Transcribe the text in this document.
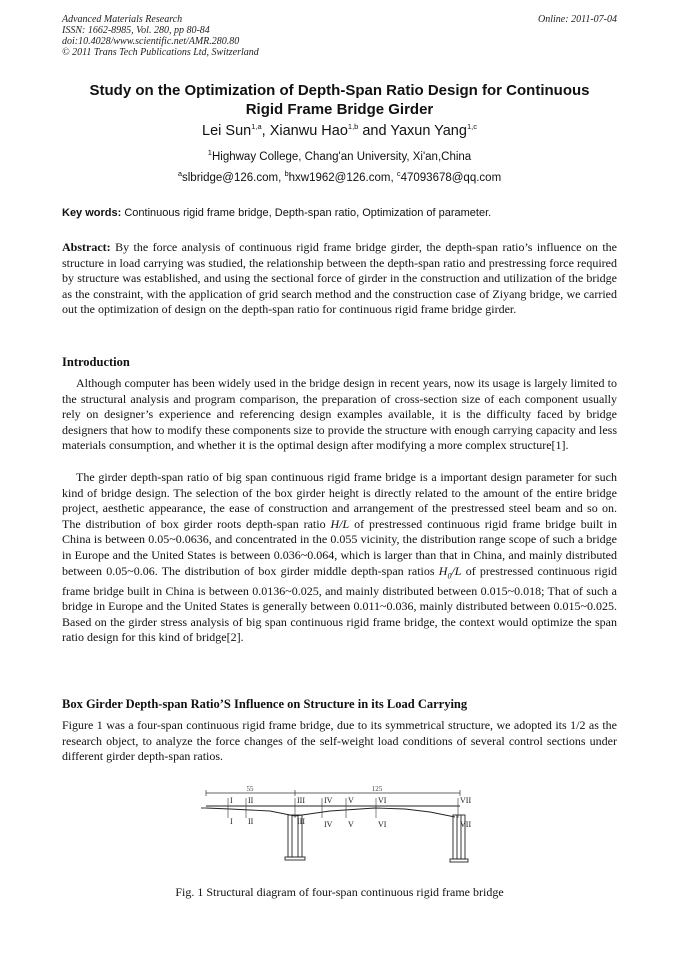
Advanced Materials Research
ISSN: 1662-8985, Vol. 280, pp 80-84
doi:10.4028/www.scientific.net/AMR.280.80
© 2011 Trans Tech Publications Ltd, Switzerland
Online: 2011-07-04
Study on the Optimization of Depth-Span Ratio Design for Continuous
Rigid Frame Bridge Girder
Lei Sun$^{1,a}$, Xianwu Hao$^{1,b}$ and Yaxun Yang$^{1,c}$
$^1$Highway College, Chang'an University, Xi'an,China
$^a$slbridge@126.com, $^b$hxw1962@126.com, $^c$47093678@qq.com
Key words: Continuous rigid frame bridge, Depth-span ratio, Optimization of parameter.
Abstract: By the force analysis of continuous rigid frame bridge girder, the depth-span ratio’s influence on the structure in load carrying was studied, the relationship between the depth-span ratio and prestressing force required by structure was established, and using the sectional force of girder in the construction and utilization of the bridge as the constraint, with the application of grid search method and the construction case of Ziyang bridge, we carried out the optimization of design on the depth-span ratio for continuous rigid frame bridge girder.
Introduction

Although computer has been widely used in the bridge design in recent years, now its usage is largely limited to the structural analysis and program comparison, the preparation of cross-section size of each component usually rely on designer’s experience and referencing design examples available, it is the difficulty faced by bridge designers that how to modify these components size to provide the structure with enough carrying capacity and less materials consumption, and whether it is the optimal design after modifying a more complex structure[1].

The girder depth-span ratio of big span continuous rigid frame bridge is a important design parameter for such kind of bridge design. The selection of the box girder height is directly related to the amount of the entire bridge project, aesthetic appearance, the ease of construction and arrangement of the prestressed steel beam and so on. The distribution of box girder roots depth-span ratio H/L of prestressed continuous rigid frame bridge built in China is between 0.05~0.0636, and concentrated in the 0.055 vicinity, the distribution range scope of such a bridge in Europe and the United States is between 0.036~0.064, which is larger than that in China, and mainly distributed between 0.05~0.06. The distribution of box girder middle depth-span ratios $H_0/L$ of prestressed continuous rigid frame bridge built in China is between 0.0136~0.025, and mainly distributed between 0.015~0.018; That of such a bridge in Europe and the United States is generally between 0.011~0.036, mainly distributed between 0.015~0.025. Based on the girder stress analysis of big span continuous rigid frame bridge, the context would optimize the span ratio design for this kind of bridge[2].

Box Girder Depth-span Ratio’S Influence on Structure in its Load Carrying

Figure 1 was a four-span continuous rigid frame bridge, due to its symmetrical structure, we adopted its 1/2 as the research object, to analyze the force changes of the self-weight load conditions of several control sections under different girder depth-span ratios.

55	125
I II	III IV V	VI	VII
I II	III IV V	VI	VII
Fig. 1 Structural diagram of four-span continuous rigid frame bridge
